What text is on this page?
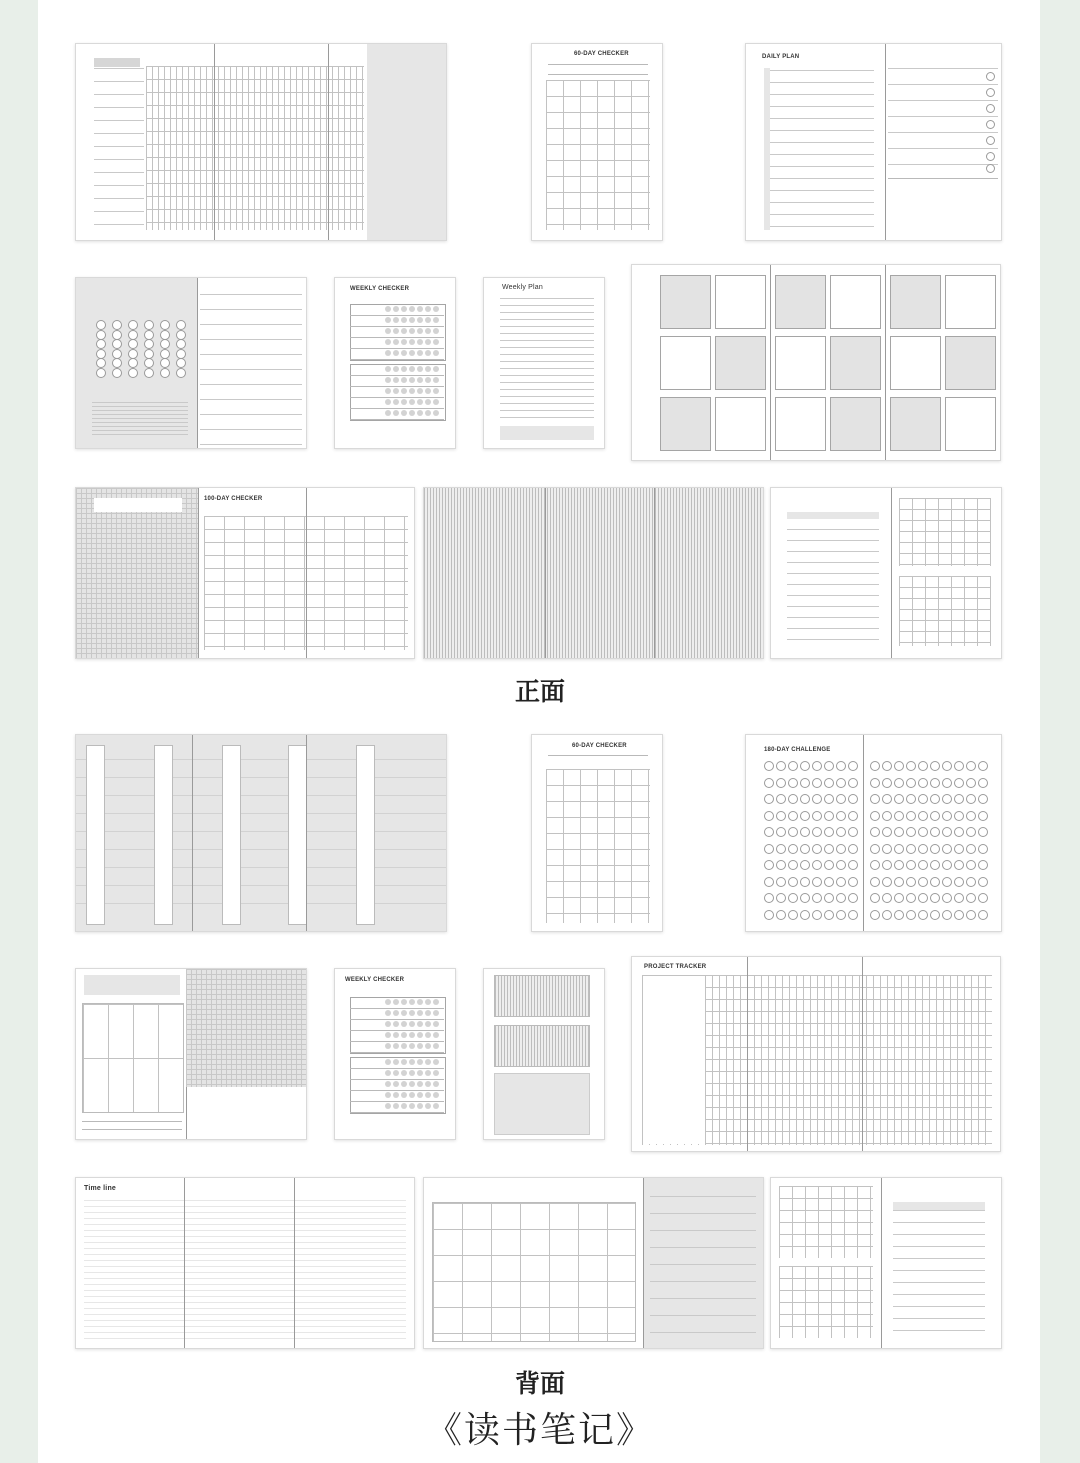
60-DAY CHECKER	DAILY PLAN
WEEKLY CHECKER	Weekly Plan
100-DAY CHECKER
正面
60-DAY CHECKER
180-DAY CHALLENGE
WEEKLY CHECKER
PROJECT TRACKER
Time line
背面
《读书笔记》
